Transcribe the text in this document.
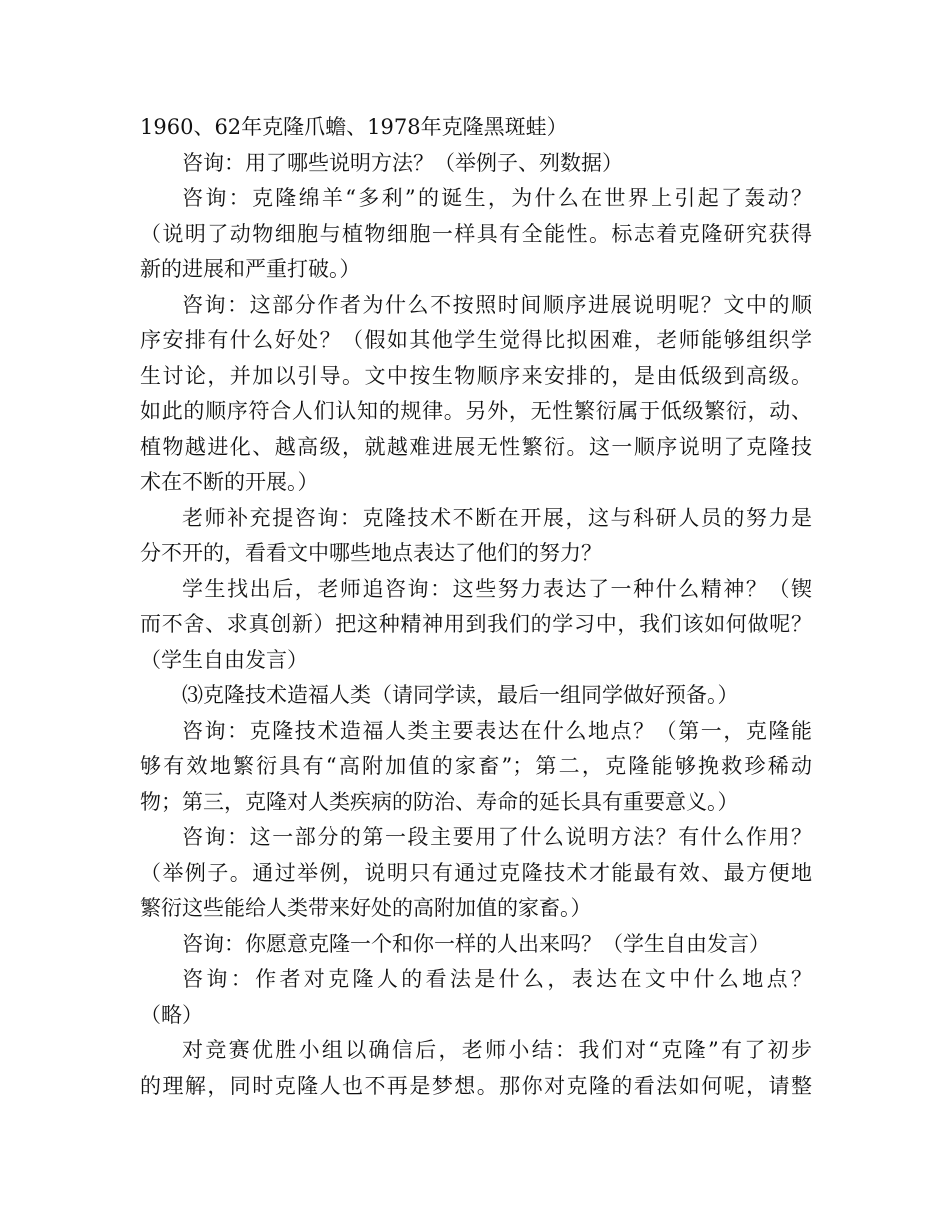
1960、62年克隆爪蟾、1978年克隆黑斑蛙）
咨询：用了哪些说明方法？（举例子、列数据）
咨询：克隆绵羊“多利”的诞生，为什么在世界上引起了轰动？
（说明了动物细胞与植物细胞一样具有全能性。标志着克隆研究获得
新的进展和严重打破。）
咨询：这部分作者为什么不按照时间顺序进展说明呢？文中的顺
序安排有什么好处？（假如其他学生觉得比拟困难，老师能够组织学
生讨论，并加以引导。文中按生物顺序来安排的，是由低级到高级。
如此的顺序符合人们认知的规律。另外，无性繁衍属于低级繁衍，动、
植物越进化、越高级，就越难进展无性繁衍。这一顺序说明了克隆技
术在不断的开展。）
老师补充提咨询：克隆技术不断在开展，这与科研人员的努力是
分不开的，看看文中哪些地点表达了他们的努力？
学生找出后，老师追咨询：这些努力表达了一种什么精神？（锲
而不舍、求真创新）把这种精神用到我们的学习中，我们该如何做呢？
（学生自由发言）
⑶克隆技术造福人类（请同学读，最后一组同学做好预备。）
咨询：克隆技术造福人类主要表达在什么地点？（第一，克隆能
够有效地繁衍具有“高附加值的家畜”；第二，克隆能够挽救珍稀动
物；第三，克隆对人类疾病的防治、寿命的延长具有重要意义。）
咨询：这一部分的第一段主要用了什么说明方法？有什么作用？
（举例子。通过举例，说明只有通过克隆技术才能最有效、最方便地
繁衍这些能给人类带来好处的高附加值的家畜。）
咨询：你愿意克隆一个和你一样的人出来吗？（学生自由发言）
咨询：作者对克隆人的看法是什么，表达在文中什么地点？
（略）
对竞赛优胜小组以确信后，老师小结：我们对“克隆”有了初步
的理解，同时克隆人也不再是梦想。那你对克隆的看法如何呢，请整
